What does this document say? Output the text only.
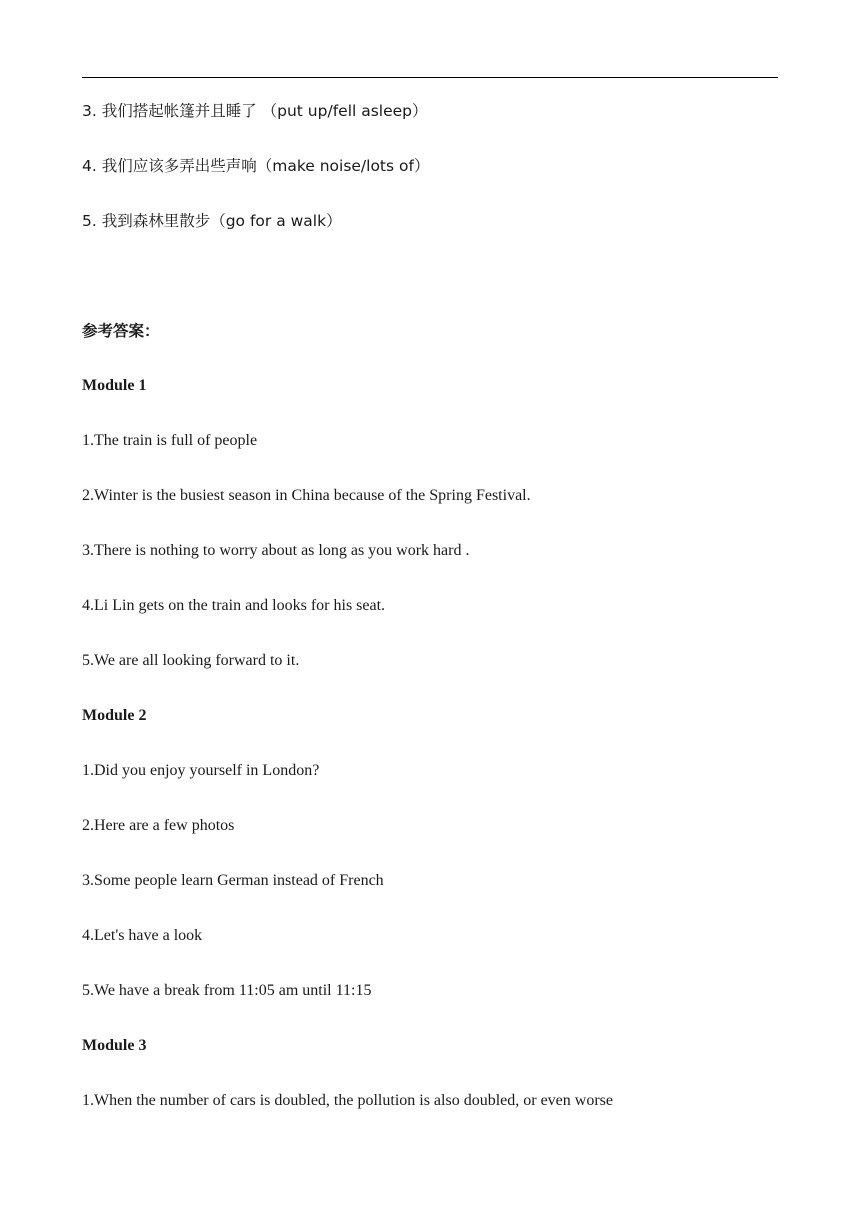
3. 我们搭起帐篷并且睡了 （put up/fell asleep）
4. 我们应该多弄出些声响（make noise/lots of）
5. 我到森林里散步（go for a walk）
参考答案：
Module 1
1.The train is full of people
2.Winter is the busiest season in China because of the Spring Festival.
3.There is nothing to worry about as long as you work hard .
4.Li Lin gets on the train and looks for his seat.
5.We are all looking forward to it.
Module 2
1.Did you enjoy yourself in London?
2.Here are a few photos
3.Some people learn German instead of French
4.Let's have a look
5.We have a break from 11:05 am until 11:15
Module 3
1.When the number of cars is doubled, the pollution is also doubled, or even worse
